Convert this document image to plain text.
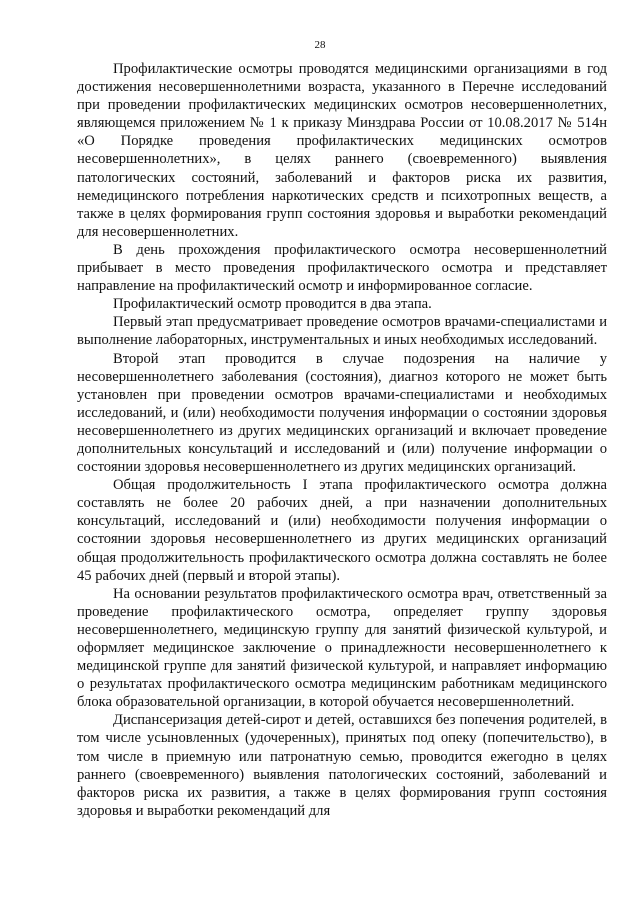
28

Профилактические осмотры проводятся медицинскими организациями в год достижения несовершеннолетними возраста, указанного в Перечне исследований при проведении профилактических медицинских осмотров несовершеннолетних, являющемся приложением № 1 к приказу Минздрава России от 10.08.2017 № 514н «О Порядке проведения профилактических медицинских осмотров несовершеннолетних», в целях раннего (своевременного) выявления патологических состояний, заболеваний и факторов риска их развития, немедицинского потребления наркотических средств и психотропных веществ, а также в целях формирования групп состояния здоровья и выработки рекомендаций для несовершеннолетних.

В день прохождения профилактического осмотра несовершеннолетний прибывает в место проведения профилактического осмотра и представляет направление на профилактический осмотр и информированное согласие.

Профилактический осмотр проводится в два этапа.

Первый этап предусматривает проведение осмотров врачами-специалистами и выполнение лабораторных, инструментальных и иных необходимых исследований.

Второй этап проводится в случае подозрения на наличие у несовершеннолетнего заболевания (состояния), диагноз которого не может быть установлен при проведении осмотров врачами-специалистами и необходимых исследований, и (или) необходимости получения информации о состоянии здоровья несовершеннолетнего из других медицинских организаций и включает проведение дополнительных консультаций и исследований и (или) получение информации о состоянии здоровья несовершеннолетнего из других медицинских организаций.

Общая продолжительность I этапа профилактического осмотра должна составлять не более 20 рабочих дней, а при назначении дополнительных консультаций, исследований и (или) необходимости получения информации о состоянии здоровья несовершеннолетнего из других медицинских организаций общая продолжительность профилактического осмотра должна составлять не более 45 рабочих дней (первый и второй этапы).

На основании результатов профилактического осмотра врач, ответственный за проведение профилактического осмотра, определяет группу здоровья несовершеннолетнего, медицинскую группу для занятий физической культурой, и оформляет медицинское заключение о принадлежности несовершеннолетнего к медицинской группе для занятий физической культурой, и направляет информацию о результатах профилактического осмотра медицинским работникам медицинского блока образовательной организации, в которой обучается несовершеннолетний.

Диспансеризация детей-сирот и детей, оставшихся без попечения родителей, в том числе усыновленных (удочеренных), принятых под опеку (попечительство), в том числе в приемную или патронатную семью, проводится ежегодно в целях раннего (своевременного) выявления патологических состояний, заболеваний и факторов риска их развития, а также в целях формирования групп состояния здоровья и выработки рекомендаций для
